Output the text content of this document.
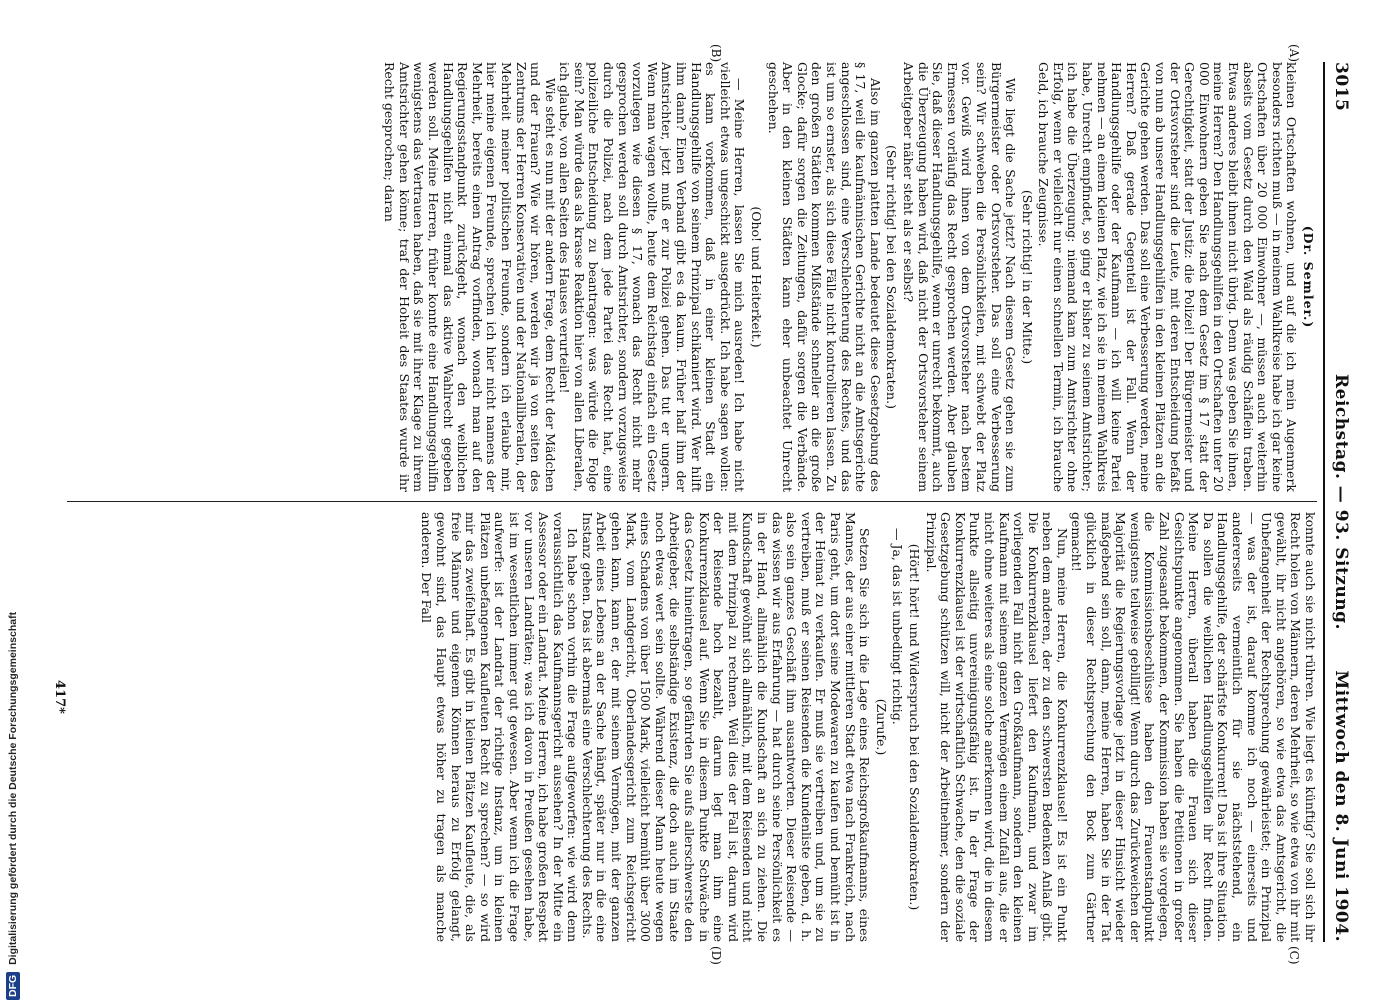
3015
Reichstag. — 93. Sitzung.
Mittwoch den 8. Juni 1904.
(A)
(B)
(C)
(D)

(Dr. Semler.)

kleinen Ortschaften wohnen, und auf die ich mein Augenmerk besonders richten muß — in meinem Wahlkreise habe ich gar keine Ortschaften über 20 000 Einwohner —, müssen auch weiterhin abseits vom Gesetz durch den Wald als räudig Schäflein traben. Etwas anderes bleibt ihnen nicht übrig. Denn was geben Sie ihnen, meine Herren? Den Handlungsgehilfen in den Ortschaften unter 20 000 Einwohnern geben Sie nach dem Gesetz im § 17 statt der Gerechtigkeit, statt der Justiz: die Polizei! Der Bürgermeister und der Ortsvorsteher sind die Leute, mit deren Entscheidung befaßt von nun ab unsere Handlungsgehilfen in den kleinen Plätzen an die Gerichte gehen werden. Das soll eine Verbesserung werden, meine Herren? Daß gerade Gegenteil ist der Fall. Wenn der Handlungsgehilfe oder der Kaufmann — ich will keine Partei nehmen — an einem kleinen Platz, wie ich sie in meinem Wahlkreis habe, Unrecht empfindet, so ging er bisher zu seinem Amtsrichter; ich habe die Überzeugung: niemand kam zum Amtsrichter ohne Erfolg, wenn er vielleicht nur einen schnellen Termin, ich brauche Geld, ich brauche Zeugnisse.

(Sehr richtig! in der Mitte.)

Wie liegt die Sache jetzt? Nach diesem Gesetz gehen sie zum Bürgermeister oder Ortsvorsteher. Das soll eine Verbesserung sein? Wir schweben die Persönlichkeiten, mit schwebt der Platz vor. Gewiß wird ihnen von dem Ortsvorsteher nach bestem Ermessen vorläufig das Recht gesprochen werden. Aber glauben Sie, daß dieser Handlungsgehilfe, wenn er unrecht bekommt, auch die Überzeugung haben wird, daß nicht der Ortsvorsteher seinem Arbeitgeber näher steht als er selbst?

(Sehr richtig! bei den Sozialdemokraten.)

Also im ganzen platten Lande bedeutet diese Gesetzgebung des § 17, weil die kaufmännischen Gerichte nicht an die Amtsgerichte angeschlossen sind, eine Verschlechterung des Rechtes, und das ist um so ernster, als sich diese Fälle nicht kontrollieren lassen. Zu den großen Städten kommen Mißstände schneller an die große Glocke; dafür sorgen die Zeitungen, dafür sorgen die Verbände. Aber in den kleinen Städten kann eher unbeachtet Unrecht geschehen.

(Oho! und Heiterkeit.)

— Meine Herren, lassen Sie mich ausreden! Ich habe nicht vielleicht etwas ungeschickt ausgedrückt. Ich habe sagen wollen: es kann vorkommen, daß in einer kleinen Stadt ein Handlungsgehilfe von seinem Prinzipal schikaniert wird. Wer hilft ihm dann? Einen Verband gibt es da kaum. Früher half ihm der Amtsrichter, jetzt muß er zur Polizei gehen. Das tut er ungern. Wenn man wagen wollte, heute dem Reichstag einfach ein Gesetz vorzulegen wie diesen § 17, wonach das Recht nicht mehr gesprochen werden soll durch Amtsrichter, sondern vorzugsweise durch die Polizei, nach dem jede Partei das Recht hat, eine polizeiliche Entscheidung zu beantragen: was würde die Folge sein? Man würde das als krasse Reaktion hier von allen Liberalen, ich glaube, von allen Seiten des Hauses verurteilen!

Wie steht es nun mit der andern Frage, dem Recht der Mädchen und der Frauen? Wie wir hören, werden wir ja von seiten des Zentrums der Herren Konservativen und der Nationalliberalen, der Mehrheit meiner politischen Freunde, sondern ich erlaube mir, hier meine eigenen Freunde, sprechen ich hier nicht namens der Mehrheit, bereits einen Antrag vorfinden, wonach man auf den Regierungsstandpunkt zurückgeht, wonach den weiblichen Handlungsgehilfen nicht einmal das aktive Wahlrecht gegeben werden soll. Meine Herren, früher konnte eine Handlungsgehilfin wenigstens das Vertrauen haben, daß sie mit ihrer Klage zu ihrem Amtsrichter gehen könne; traf der Hoheit des Staates wurde ihr Recht gesprochen; daran

konnte auch sie nicht rühren. Wie liegt es künftig? Sie soll sich ihr Recht holen von Männern, deren Mehrheit, so wie etwa von ihr mit gewählt, ihr nicht angehören, so wie etwa das Amtsgericht, die Unbefangenheit der Rechtsprechung gewährleistet; ein Prinzipal — was der ist, darauf komme ich noch — einerseits und andererseits vermeintlich für sie nächststehend, ein Handlungsgehilfe, der schärfste Konkurrent! Das ist ihre Situation. Da sollen die weiblichen Handlungsgehilfen ihr Recht finden. Meine Herren, überall haben die Frauen sich dieser Gesichtspunkte angenommen. Sie haben die Petitionen in großer Zahl zugesandt bekommen, der Kommission haben sie vorgelegen, die Kommissionsbeschlüsse haben den Frauenstandpunkt wenigstens teilweise gebilligt! Wenn durch das Zurückweichen der Majorität die Regierungsvorlage jetzt in dieser Hinsicht wieder maßgebend sein soll, dann, meine Herren, haben Sie in der Tat glücklich in dieser Rechtsprechung den Bock zum Gärtner gemacht!

Nun, meine Herren, die Konkurrenzklausel! Es ist ein Punkt neben dem anderen, der zu den schwersten Bedenken Anlaß gibt. Die Konkurrenzklausel liefert den Kaufmann, und zwar im vorliegenden Fall nicht den Großkaufmann, sondern den kleinen Kaufmann mit seinem ganzen Vermögen einem Zufall aus, die er nicht ohne weiteres als eine solche anerkennen wird, die in diesem Punkte allseitig unvereinigungsfähig ist. In der Frage der Konkurrenzklausel ist der wirtschaftlich Schwache, den die soziale Gesetzgebung schützen will, nicht der Arbeitnehmer, sondern der Prinzipal.

(Hört! hört! und Widerspruch bei den Sozialdemokraten.)

— Ja, das ist unbedingt richtig.

(Zurufe.)

Setzen Sie sich in die Lage eines Reichsgroßkaufmanns, eines Mannes, der aus einer mittleren Stadt etwa nach Frankreich, nach Paris geht, um dort seine Modewaren zu kaufen und bemüht ist in der Heimat zu verkaufen. Er muß sie vertreiben und, um sie zu vertreiben, muß er seinen Reisenden die Kundenliste geben, d. h. also sein ganzes Geschäft ihm ausantworten. Dieser Reisende — das wissen wir aus Erfahrung — hat durch seine Persönlichkeit es in der Hand, allmählich die Kundschaft an sich zu ziehen. Die Kundschaft gewöhnt sich allmählich, mit dem Reisenden und nicht mit dem Prinzipal zu rechnen. Weil dies der Fall ist, darum wird der Reisende hoch bezahlt, darum legt man ihm eine Konkurrenzklausel auf. Wenn Sie in diesem Punkte Schwäche in das Gesetz hineintragen, so gefährden Sie aufs allerschwerste den Arbeitgeber, die selbständige Existenz, die doch auch im Staate noch etwas wert sein sollte. Während dieser Mann heute wegen eines Schadens von über 1500 Mark, vielleicht bemüht über 3000 Mark, vom Landgericht, Oberlandesgericht zum Reichsgericht gehen kann, kann er, der mit seinem Vermögen, mit der ganzen Arbeit eines Lebens an der Sache hängt, später nur in die eine Instanz gehen. Das ist abermals eine Verschlechterung des Rechts.

Ich habe schon vorhin die Frage aufgeworfen: wie wird denn voraussichtlich das Kaufmannsgericht aussehen? In der Mitte ein Assessor oder ein Landrat. Meine Herren, ich habe großen Respekt vor unseren Landräten; was ich davon in Preußen gesehen habe, ist im wesentlichen immer gut gewesen. Aber wenn ich die Frage aufwerfe: ist der Landrat der richtige Instanz, um in kleinen Plätzen unbefangenen Kaufleuten Recht zu sprechen? — so wird mir das zweifelhaft. Es gibt in kleinen Plätzen Kaufleute, die, als freie Männer und eigenem Können heraus zu Erfolg gelangt, gewohnt sind, das Haupt etwas höher zu tragen als manche anderen. Der Fall

417*
DFG Digitalisierung gefördert durch die Deutsche Forschungsgemeinschaft
